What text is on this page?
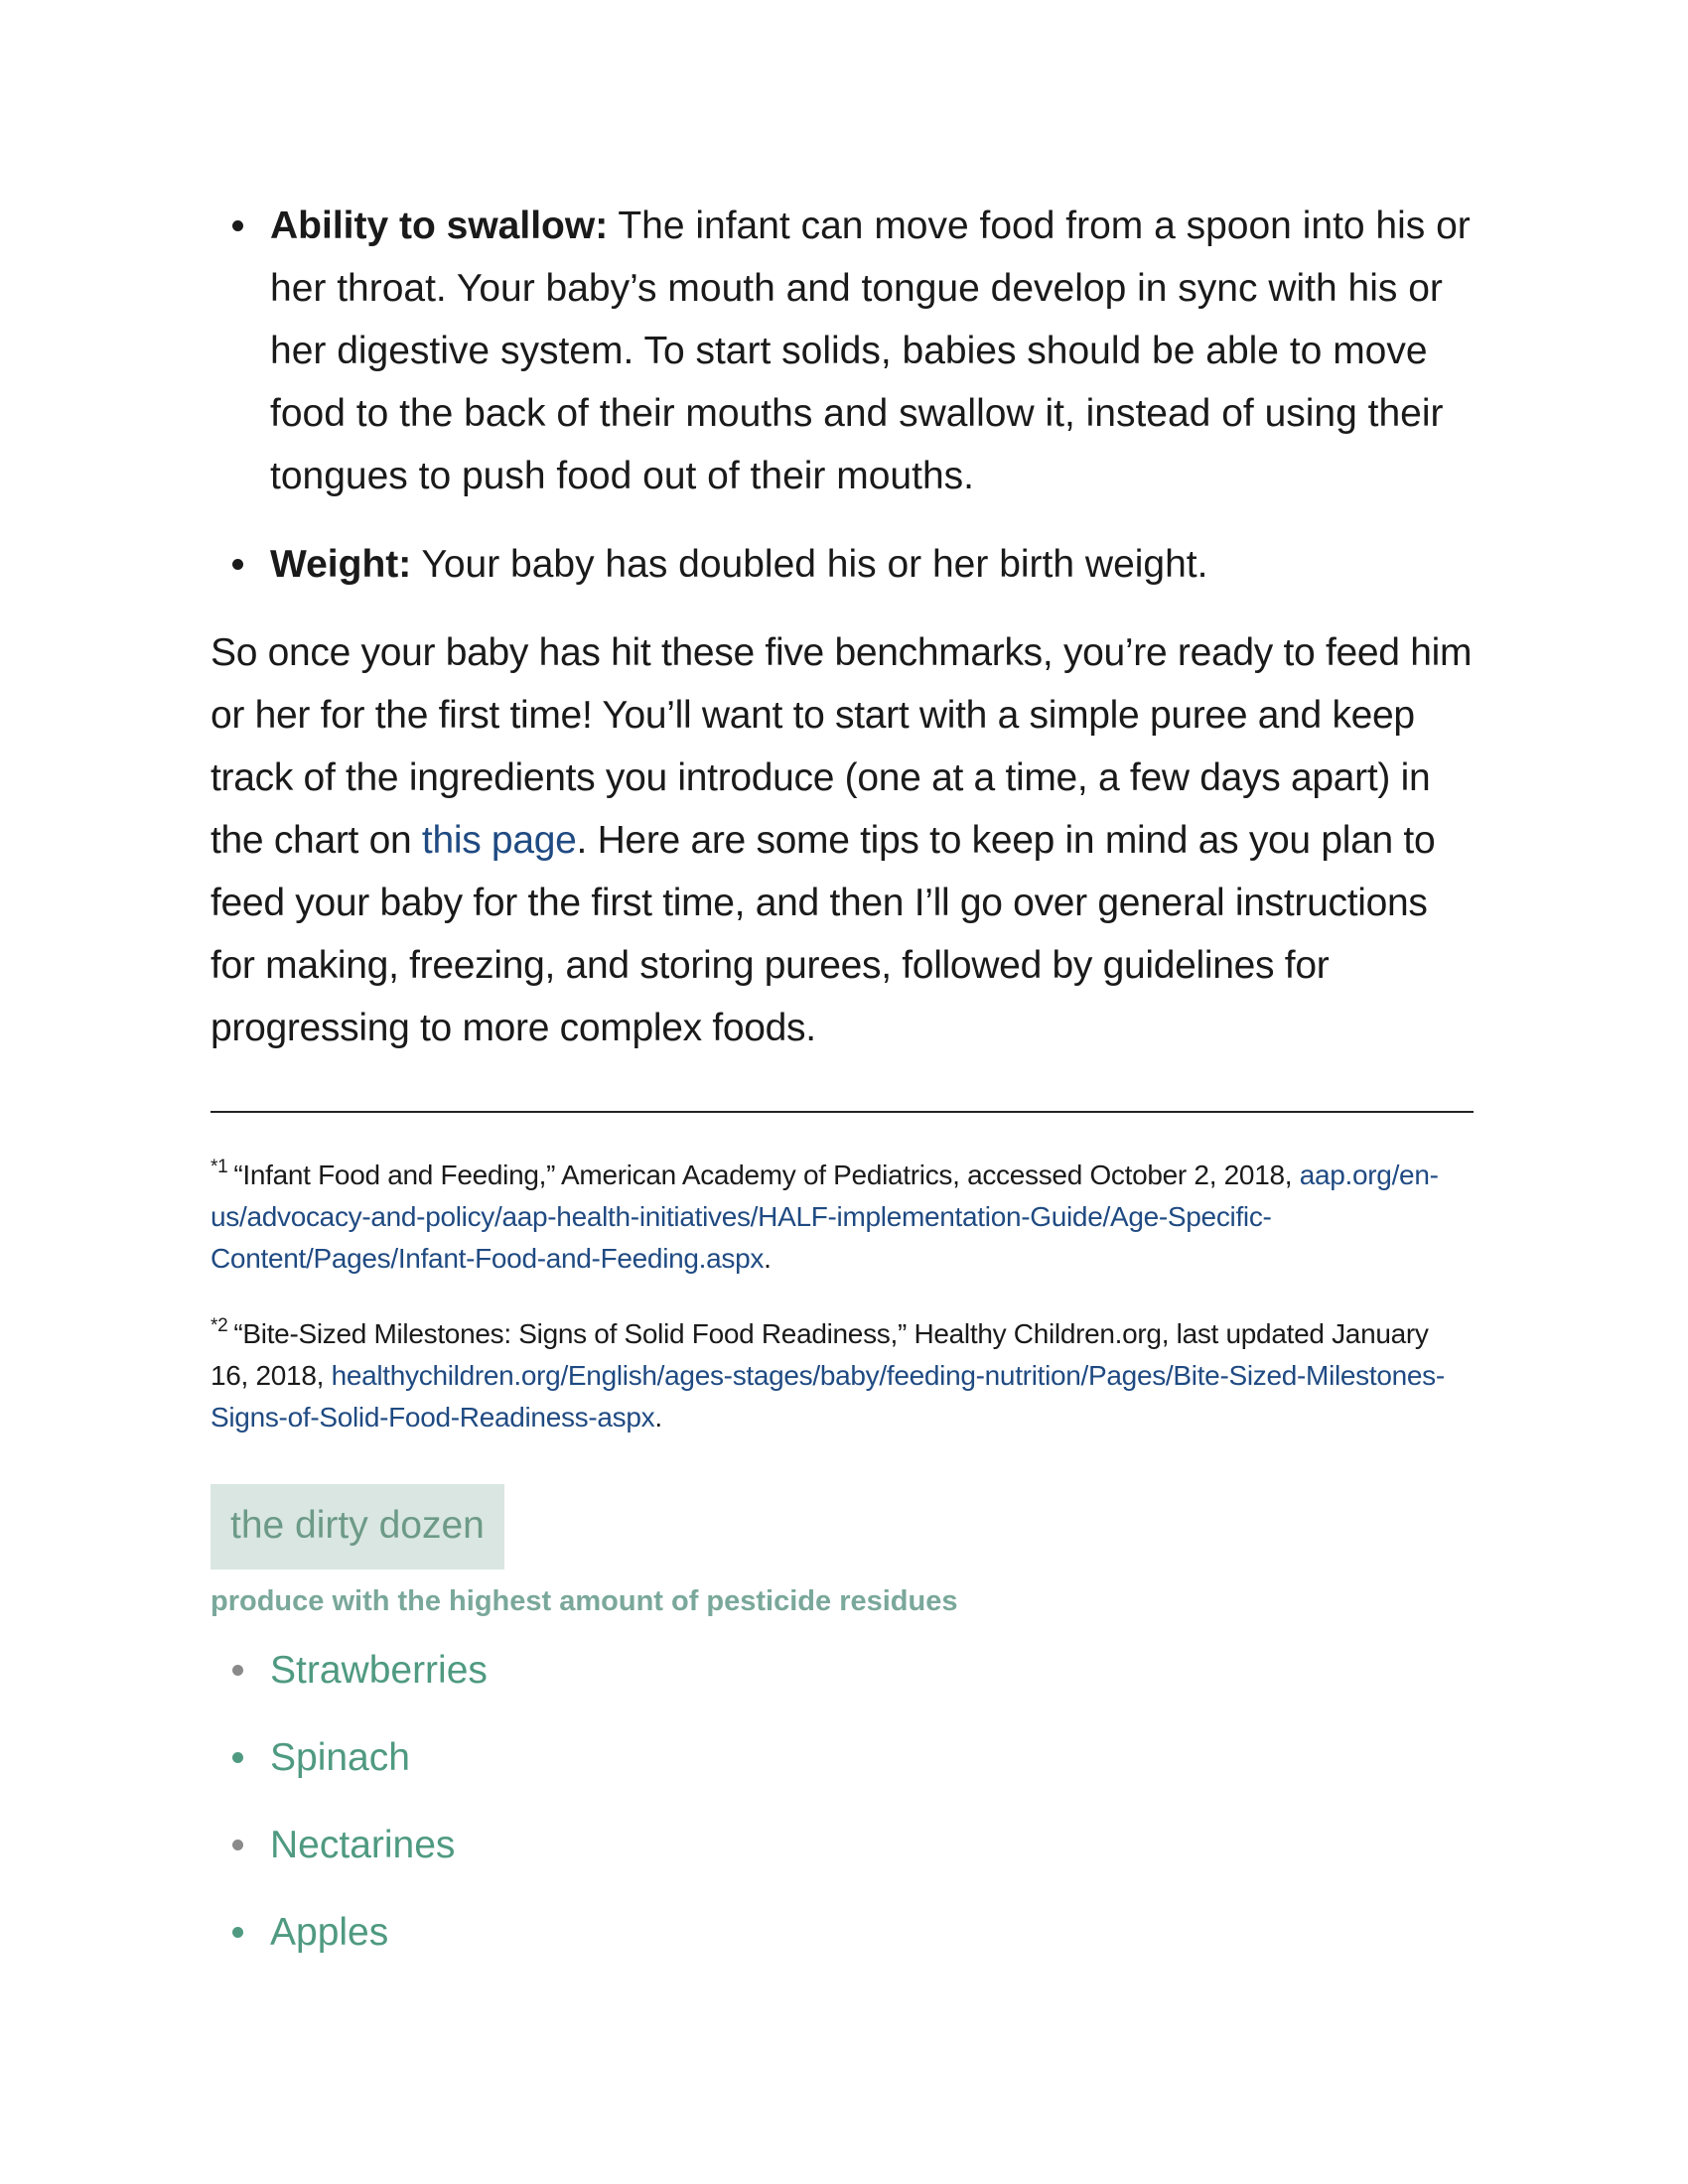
Ability to swallow: The infant can move food from a spoon into his or her throat. Your baby’s mouth and tongue develop in sync with his or her digestive system. To start solids, babies should be able to move food to the back of their mouths and swallow it, instead of using their tongues to push food out of their mouths.
Weight: Your baby has doubled his or her birth weight.

So once your baby has hit these five benchmarks, you’re ready to feed him or her for the first time! You’ll want to start with a simple puree and keep track of the ingredients you introduce (one at a time, a few days apart) in the chart on this page. Here are some tips to keep in mind as you plan to feed your baby for the first time, and then I’ll go over general instructions for making, freezing, and storing purees, followed by guidelines for progressing to more complex foods.

$^{*1}$ “Infant Food and Feeding,” American Academy of Pediatrics, accessed October 2, 2018, aap.org/en-us/advocacy-and-policy/aap-health-initiatives/HALF-implementation-Guide/Age-Specific-Content/Pages/Infant-Food-and-Feeding.aspx.

$^{*2}$ “Bite-Sized Milestones: Signs of Solid Food Readiness,” Healthy Children.org, last updated January 16, 2018, healthychildren.org/English/ages-stages/baby/feeding-nutrition/Pages/Bite-Sized-Milestones-Signs-of-Solid-Food-Readiness-aspx.

the dirty dozen
produce with the highest amount of pesticide residues
Strawberries
Spinach
Nectarines
Apples
